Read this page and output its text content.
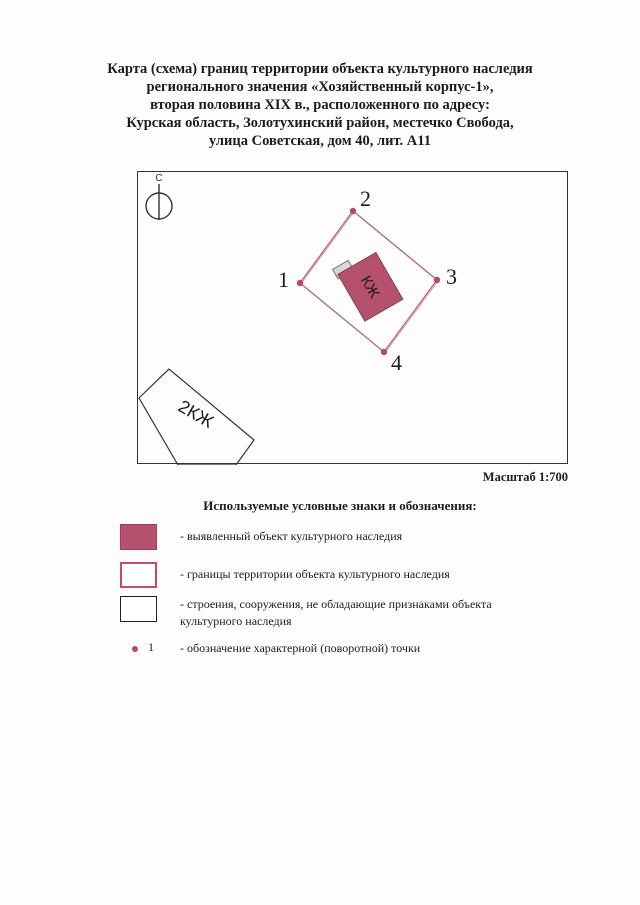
Карта (схема) границ территории объекта культурного наследия
регионального значения «Хозяйственный корпус-1»,
вторая половина XIX в., расположенного по адресу:
Курская область, Золотухинский район, местечко Свобода,
улица Советская, дом 40, лит. А11
С
КЖ
1
2
3
4
2КЖ
Масштаб 1:700
Используемые условные знаки и обозначения:
- выявленный объект культурного наследия
- границы территории объекта культурного наследия
- строения, сооружения, не обладающие признаками объекта
культурного наследия
1 - обозначение характерной (поворотной) точки
